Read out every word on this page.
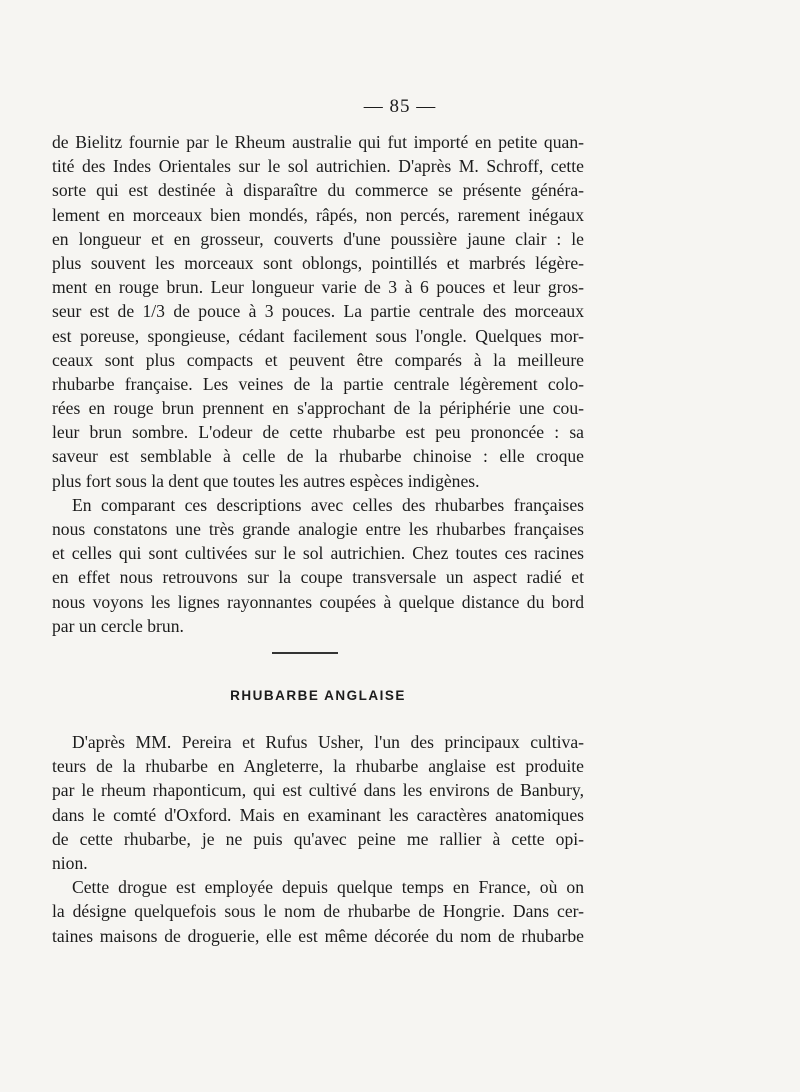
— 85 —
de Bielitz fournie par le Rheum australie qui fut importé en petite quan-
tité des Indes Orientales sur le sol autrichien. D'après M. Schroff, cette
sorte qui est destinée à disparaître du commerce se présente généra-
lement en morceaux bien mondés, râpés, non percés, rarement inégaux
en longueur et en grosseur, couverts d'une poussière jaune clair : le
plus souvent les morceaux sont oblongs, pointillés et marbrés légère-
ment en rouge brun. Leur longueur varie de 3 à 6 pouces et leur gros-
seur est de 1/3 de pouce à 3 pouces. La partie centrale des morceaux
est poreuse, spongieuse, cédant facilement sous l'ongle. Quelques mor-
ceaux sont plus compacts et peuvent être comparés à la meilleure
rhubarbe française. Les veines de la partie centrale légèrement colo-
rées en rouge brun prennent en s'approchant de la périphérie une cou-
leur brun sombre. L'odeur de cette rhubarbe est peu prononcée : sa
saveur est semblable à celle de la rhubarbe chinoise : elle croque
plus fort sous la dent que toutes les autres espèces indigènes.
En comparant ces descriptions avec celles des rhubarbes françaises
nous constatons une très grande analogie entre les rhubarbes françaises
et celles qui sont cultivées sur le sol autrichien. Chez toutes ces racines
en effet nous retrouvons sur la coupe transversale un aspect radié et
nous voyons les lignes rayonnantes coupées à quelque distance du bord
par un cercle brun.
RHUBARBE ANGLAISE
D'après MM. Pereira et Rufus Usher, l'un des principaux cultiva-
teurs de la rhubarbe en Angleterre, la rhubarbe anglaise est produite
par le rheum rhaponticum, qui est cultivé dans les environs de Banbury,
dans le comté d'Oxford. Mais en examinant les caractères anatomiques
de cette rhubarbe, je ne puis qu'avec peine me rallier à cette opi-
nion.
Cette drogue est employée depuis quelque temps en France, où on
la désigne quelquefois sous le nom de rhubarbe de Hongrie. Dans cer-
taines maisons de droguerie, elle est même décorée du nom de rhubarbe
